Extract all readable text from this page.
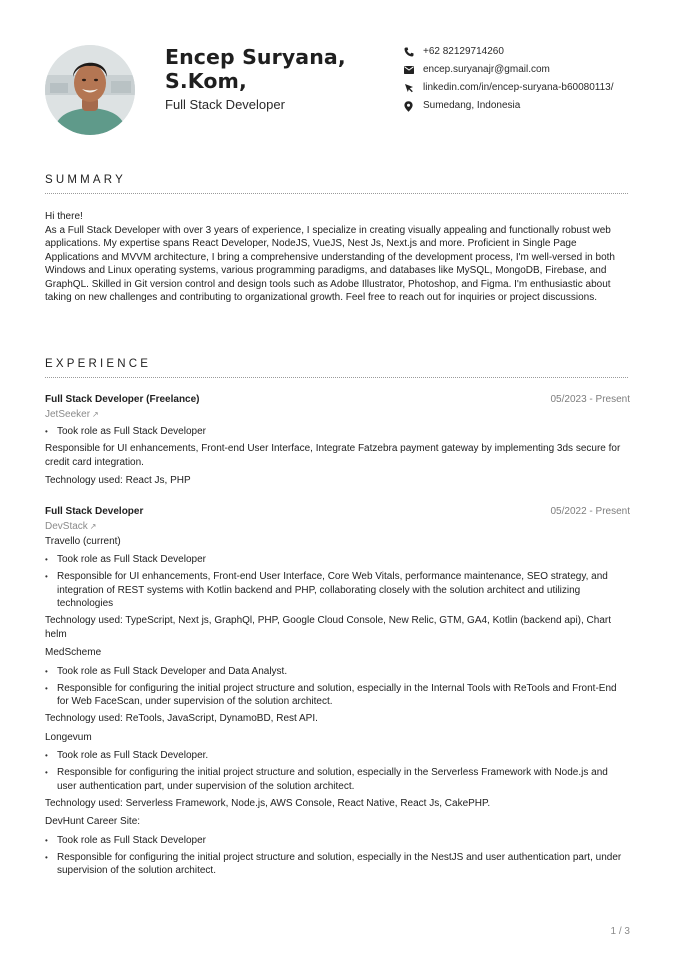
Encep Suryana, S.Kom,
Full Stack Developer
+62 82129714260
encep.suryanajr@gmail.com
linkedin.com/in/encep-suryana-b60080113/
Sumedang, Indonesia
SUMMARY

Hi there!

As a Full Stack Developer with over 3 years of experience, I specialize in creating visually appealing and functionally robust web applications. My expertise spans React Developer, NodeJS, VueJS, Nest Js, Next.js and more. Proficient in Single Page Applications and MVVM architecture, I bring a comprehensive understanding of the development process, I'm well-versed in both Windows and Linux operating systems, various programming paradigms, and databases like MySQL, MongoDB, Firebase, and GraphQL. Skilled in Git version control and design tools such as Adobe Illustrator, Photoshop, and Figma. I'm enthusiastic about taking on new challenges and contributing to organizational growth. Feel free to reach out for inquiries or project discussions.

EXPERIENCE
Full Stack Developer (Freelance)	05/2023 - Present
JetSeeker ↗
• Took role as Full Stack Developer
Responsible for UI enhancements, Front-end User Interface, Integrate Fatzebra payment gateway by implementing 3ds secure for credit card integration.
Technology used: React Js, PHP
Full Stack Developer	05/2022 - Present
DevStack ↗
Travello (current)
• Took role as Full Stack Developer
• Responsible for UI enhancements, Front-end User Interface, Core Web Vitals, performance maintenance, SEO strategy, and integration of REST systems with Kotlin backend and PHP, collaborating closely with the solution architect and utilizing technologies
Technology used: TypeScript, Next js, GraphQl, PHP, Google Cloud Console, New Relic, GTM, GA4, Kotlin (backend api), Chart helm
MedScheme
• Took role as Full Stack Developer and Data Analyst.
• Responsible for configuring the initial project structure and solution, especially in the Internal Tools with ReTools and Front-End for Web FaceScan, under supervision of the solution architect.
Technology used: ReTools, JavaScript, DynamoBD, Rest API.
Longevum
• Took role as Full Stack Developer.
• Responsible for configuring the initial project structure and solution, especially in the Serverless Framework with Node.js and user authentication part, under supervision of the solution architect.
Technology used: Serverless Framework, Node.js, AWS Console, React Native, React Js, CakePHP.
DevHunt Career Site:
• Took role as Full Stack Developer
• Responsible for configuring the initial project structure and solution, especially in the NestJS and user authentication part, under supervision of the solution architect.
1 / 3
